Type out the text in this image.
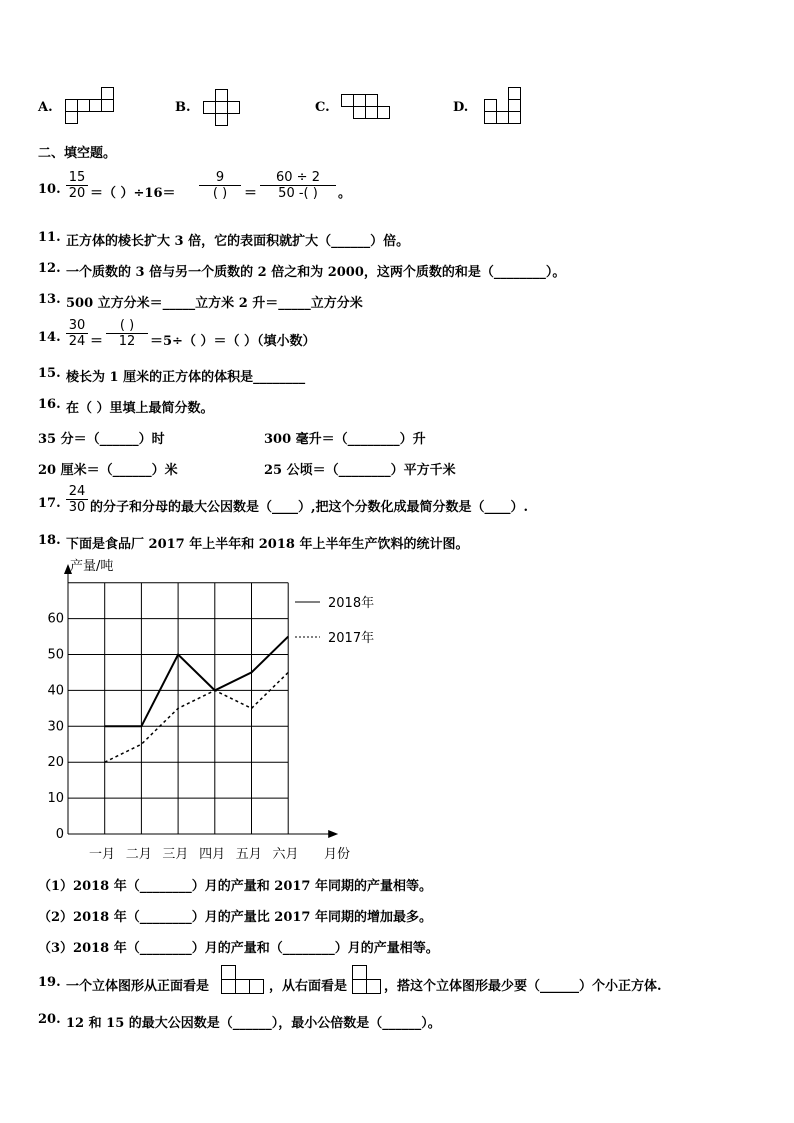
A.	B.	C.	D.
二、填空题。
10. $\frac{15}{20}$ ＝（ ）÷16＝
9
( )	＝ $\frac{60 \div 2}{50 -( )}$ 。
11. 正方体的棱长扩大 3 倍，它的表面积就扩大（______）倍。
12. 一个质数的 3 倍与另一个质数的 2 倍之和为 2000，这两个质数的和是（________）。
13. 500 立方分米＝_____立方米 2 升＝_____立方分米
14. $\frac{30}{24}$ ＝
( )
12	＝5÷（ ）＝（ ）（填小数）
15. 棱长为 1 厘米的正方体的体积是________
16. 在（ ）里填上最简分数。
35 分＝（______）时	300 毫升＝（________）升
20 厘米＝（______）米	25 公顷＝（________）平方千米
17. $\frac{24}{30}$ 的分子和分母的最大公因数是（____）,把这个分数化成最简分数是（____）.
18. 下面是食品厂 2017 年上半年和 2018 年上半年生产饮料的统计图。
0
10
20
30
40
50
60
一月 二月 三月 四月 五月 六月
2018年
2017年
产量/吨
月份
（1）2018 年（________）月的产量和 2017 年同期的产量相等。
（2）2018 年（________）月的产量比 2017 年同期的增加最多。
（3）2018 年（________）月的产量和（________）月的产量相等。
19. 一个立体图形从正面看是	，从右面看是	，搭这个立体图形最少要（______）个小正方体.
20. 12 和 15 的最大公因数是（______），最小公倍数是（______）。
